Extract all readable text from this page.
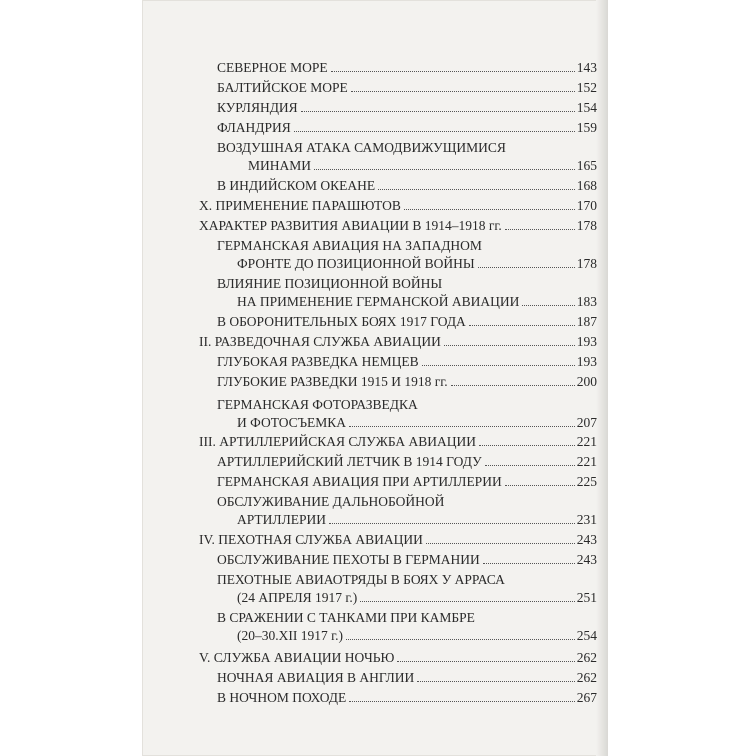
СЕВЕРНОЕ МОРЕ	143
БАЛТИЙСКОЕ МОРЕ	152
КУРЛЯНДИЯ	154
ФЛАНДРИЯ	159
ВОЗДУШНАЯ АТАКА САМОДВИЖУЩИМИСЯ
МИНАМИ	165
В ИНДИЙСКОМ ОКЕАНЕ	168
X. ПРИМЕНЕНИЕ ПАРАШЮТОВ	170
ХАРАКТЕР РАЗВИТИЯ АВИАЦИИ В 1914–1918 гг.	178
ГЕРМАНСКАЯ АВИАЦИЯ НА ЗАПАДНОМ
ФРОНТЕ ДО ПОЗИЦИОННОЙ ВОЙНЫ	178
ВЛИЯНИЕ ПОЗИЦИОННОЙ ВОЙНЫ
НА ПРИМЕНЕНИЕ ГЕРМАНСКОЙ АВИАЦИИ	183
В ОБОРОНИТЕЛЬНЫХ БОЯХ 1917 ГОДА	187
II. РАЗВЕДОЧНАЯ СЛУЖБА АВИАЦИИ	193
ГЛУБОКАЯ РАЗВЕДКА НЕМЦЕВ	193
ГЛУБОКИЕ РАЗВЕДКИ 1915 И 1918 гг.	200
ГЕРМАНСКАЯ ФОТОРАЗВЕДКА
И ФОТОСЪЕМКА	207
III. АРТИЛЛЕРИЙСКАЯ СЛУЖБА АВИАЦИИ	221
АРТИЛЛЕРИЙСКИЙ ЛЕТЧИК В 1914 ГОДУ	221
ГЕРМАНСКАЯ АВИАЦИЯ ПРИ АРТИЛЛЕРИИ	225
ОБСЛУЖИВАНИЕ ДАЛЬНОБОЙНОЙ
АРТИЛЛЕРИИ	231
IV. ПЕХОТНАЯ СЛУЖБА АВИАЦИИ	243
ОБСЛУЖИВАНИЕ ПЕХОТЫ В ГЕРМАНИИ	243
ПЕХОТНЫЕ АВИАОТРЯДЫ В БОЯХ У АРРАСА
(24 АПРЕЛЯ 1917 г.)	251
В СРАЖЕНИИ С ТАНКАМИ ПРИ КАМБРЕ
(20–30.XII 1917 г.)	254
V. СЛУЖБА АВИАЦИИ НОЧЬЮ	262
НОЧНАЯ АВИАЦИЯ В АНГЛИИ	262
В НОЧНОМ ПОХОДЕ	267
